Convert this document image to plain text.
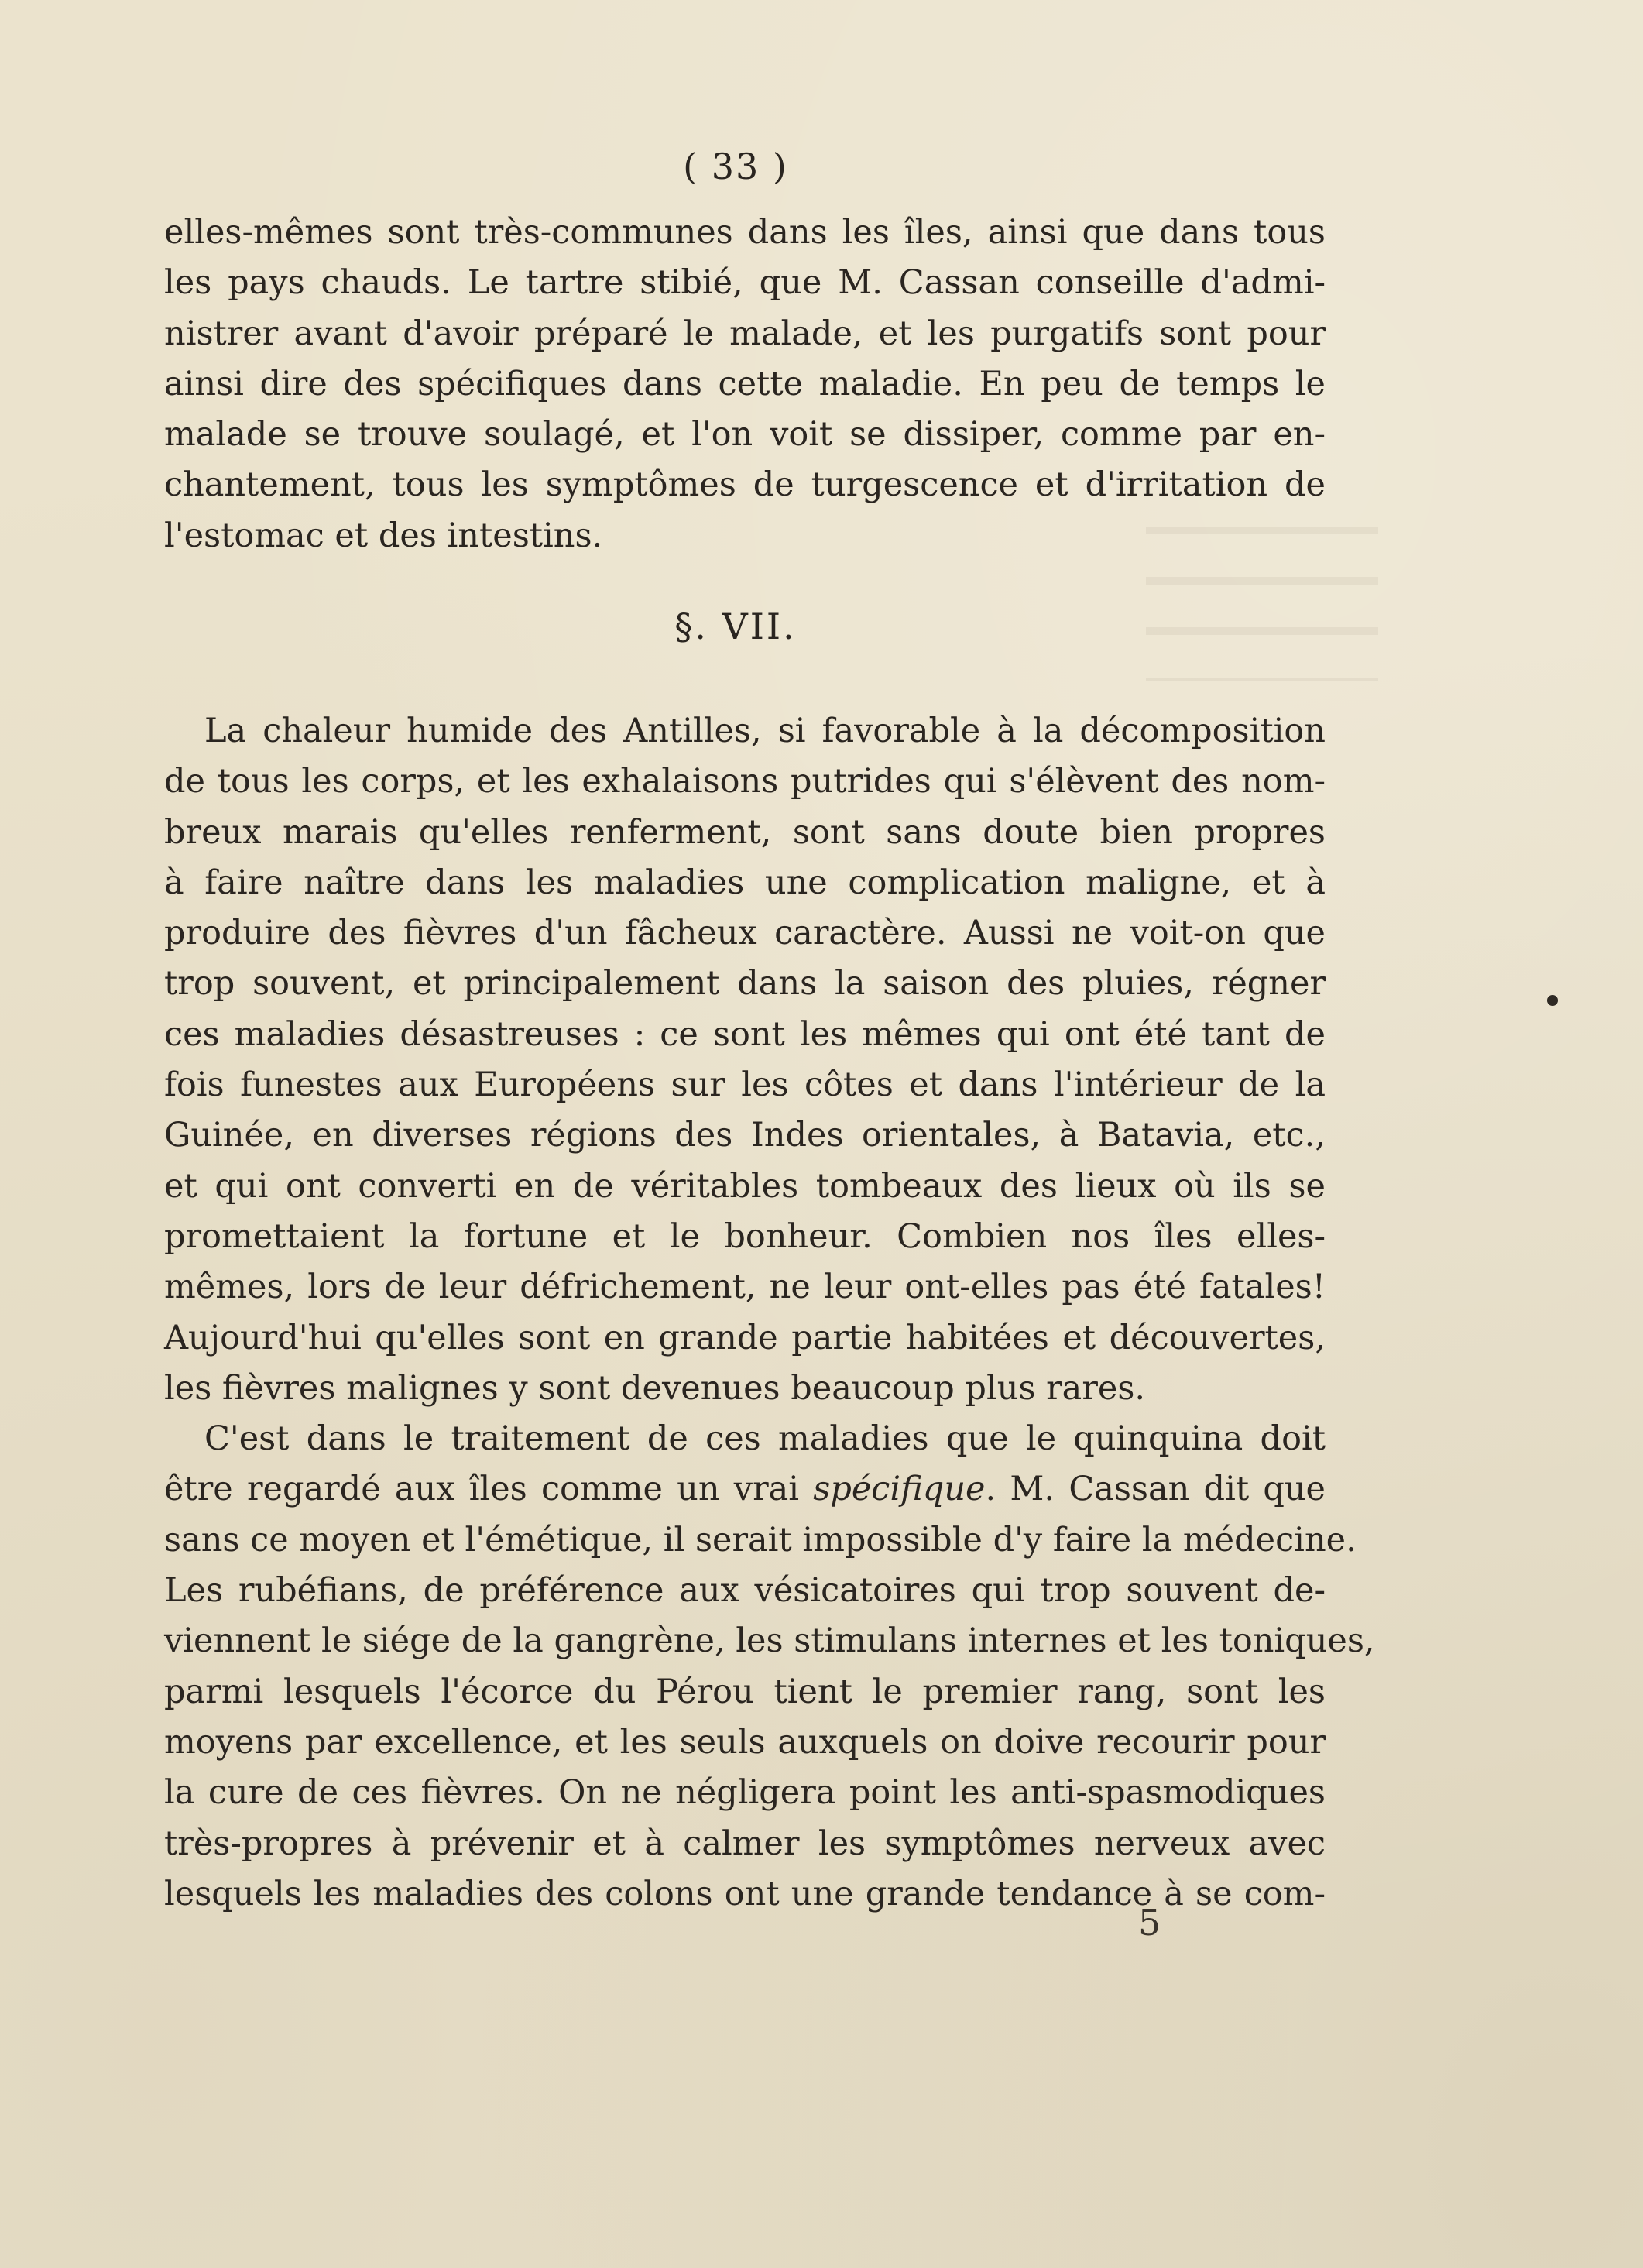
( 33 )
elles-mêmes sont très-communes dans les îles, ainsi que dans tous
les pays chauds. Le tartre stibié, que M. Cassan conseille d'admi-
nistrer avant d'avoir préparé le malade, et les purgatifs sont pour
ainsi dire des spécifiques dans cette maladie. En peu de temps le
malade se trouve soulagé, et l'on voit se dissiper, comme par en-
chantement, tous les symptômes de turgescence et d'irritation de
l'estomac et des intestins.
§. VII.
La chaleur humide des Antilles, si favorable à la décomposition
de tous les corps, et les exhalaisons putrides qui s'élèvent des nom-
breux marais qu'elles renferment, sont sans doute bien propres
à faire naître dans les maladies une complication maligne, et à
produire des fièvres d'un fâcheux caractère. Aussi ne voit-on que
trop souvent, et principalement dans la saison des pluies, régner
ces maladies désastreuses : ce sont les mêmes qui ont été tant de
fois funestes aux Européens sur les côtes et dans l'intérieur de la
Guinée, en diverses régions des Indes orientales, à Batavia, etc.,
et qui ont converti en de véritables tombeaux des lieux où ils se
promettaient la fortune et le bonheur. Combien nos îles elles-
mêmes, lors de leur défrichement, ne leur ont-elles pas été fatales!
Aujourd'hui qu'elles sont en grande partie habitées et découvertes,
les fièvres malignes y sont devenues beaucoup plus rares.
C'est dans le traitement de ces maladies que le quinquina doit
être regardé aux îles comme un vrai spécifique. M. Cassan dit que
sans ce moyen et l'émétique, il serait impossible d'y faire la médecine.
Les rubéfians, de préférence aux vésicatoires qui trop souvent de-
viennent le siége de la gangrène, les stimulans internes et les toniques,
parmi lesquels l'écorce du Pérou tient le premier rang, sont les
moyens par excellence, et les seuls auxquels on doive recourir pour
la cure de ces fièvres. On ne négligera point les anti-spasmodiques
très-propres à prévenir et à calmer les symptômes nerveux avec
lesquels les maladies des colons ont une grande tendance à se com-
5
